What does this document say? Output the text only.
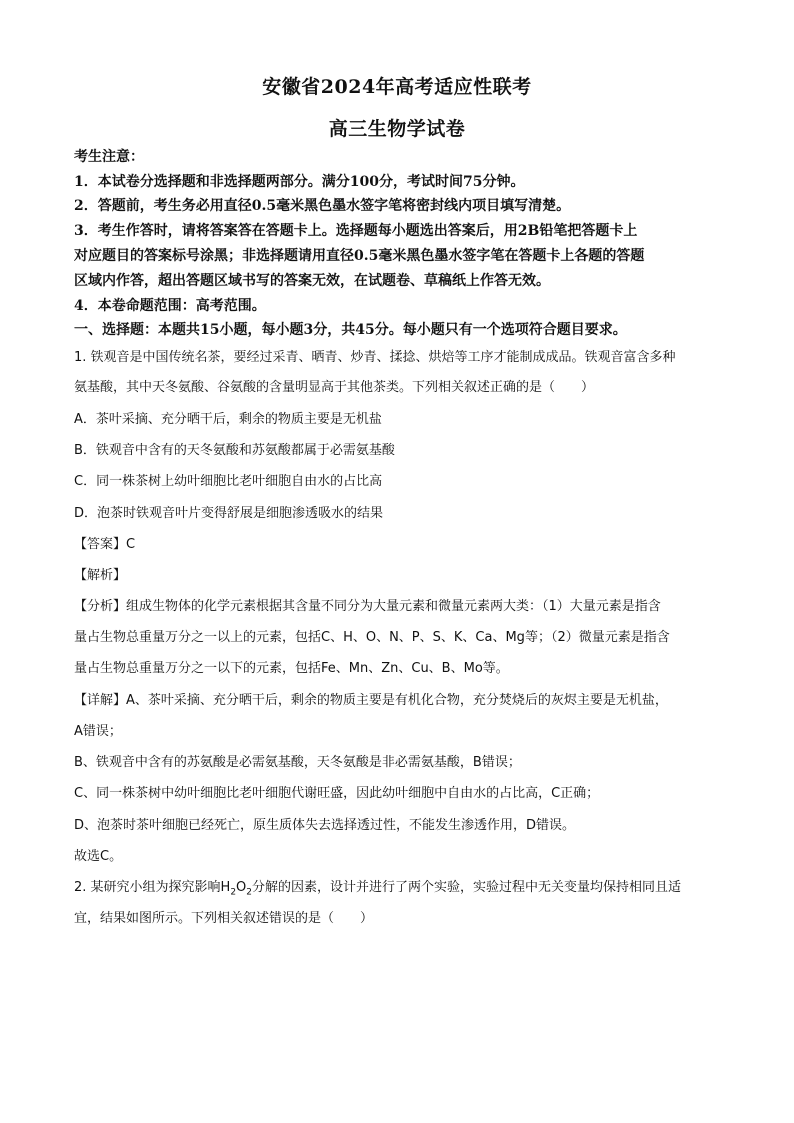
安徽省2024年高考适应性联考
高三生物学试卷
考生注意：
1．本试卷分选择题和非选择题两部分。满分100分，考试时间75分钟。
2．答题前，考生务必用直径0.5毫米黑色墨水签字笔将密封线内项目填写清楚。
3．考生作答时，请将答案答在答题卡上。选择题每小题选出答案后，用2B铅笔把答题卡上
对应题目的答案标号涂黑；非选择题请用直径0.5毫米黑色墨水签字笔在答题卡上各题的答题
区域内作答，超出答题区域书写的答案无效，在试题卷、草稿纸上作答无效。
4．本卷命题范围：高考范围。
一、选择题：本题共15小题，每小题3分，共45分。每小题只有一个选项符合题目要求。
1. 铁观音是中国传统名茶，要经过采青、晒青、炒青、揉捻、烘焙等工序才能制成成品。铁观音富含多种
氨基酸，其中天冬氨酸、谷氨酸的含量明显高于其他茶类。下列相关叙述正确的是（　　）
A．茶叶采摘、充分晒干后，剩余的物质主要是无机盐
B．铁观音中含有的天冬氨酸和苏氨酸都属于必需氨基酸
C．同一株茶树上幼叶细胞比老叶细胞自由水的占比高
D．泡茶时铁观音叶片变得舒展是细胞渗透吸水的结果
【答案】C
【解析】
【分析】组成生物体的化学元素根据其含量不同分为大量元素和微量元素两大类：（1）大量元素是指含
量占生物总重量万分之一以上的元素，包括C、H、O、N、P、S、K、Ca、Mg等；（2）微量元素是指含
量占生物总重量万分之一以下的元素，包括Fe、Mn、Zn、Cu、B、Mo等。
【详解】A、茶叶采摘、充分晒干后，剩余的物质主要是有机化合物，充分焚烧后的灰烬主要是无机盐，
A错误；
B、铁观音中含有的苏氨酸是必需氨基酸，天冬氨酸是非必需氨基酸，B错误；
C、同一株茶树中幼叶细胞比老叶细胞代谢旺盛，因此幼叶细胞中自由水的占比高，C正确；
D、泡茶时茶叶细胞已经死亡，原生质体失去选择透过性，不能发生渗透作用，D错误。
故选C。
2. 某研究小组为探究影响$H_2O_2$分解的因素，设计并进行了两个实验，实验过程中无关变量均保持相同且适
宜，结果如图所示。下列相关叙述错误的是（　　）
